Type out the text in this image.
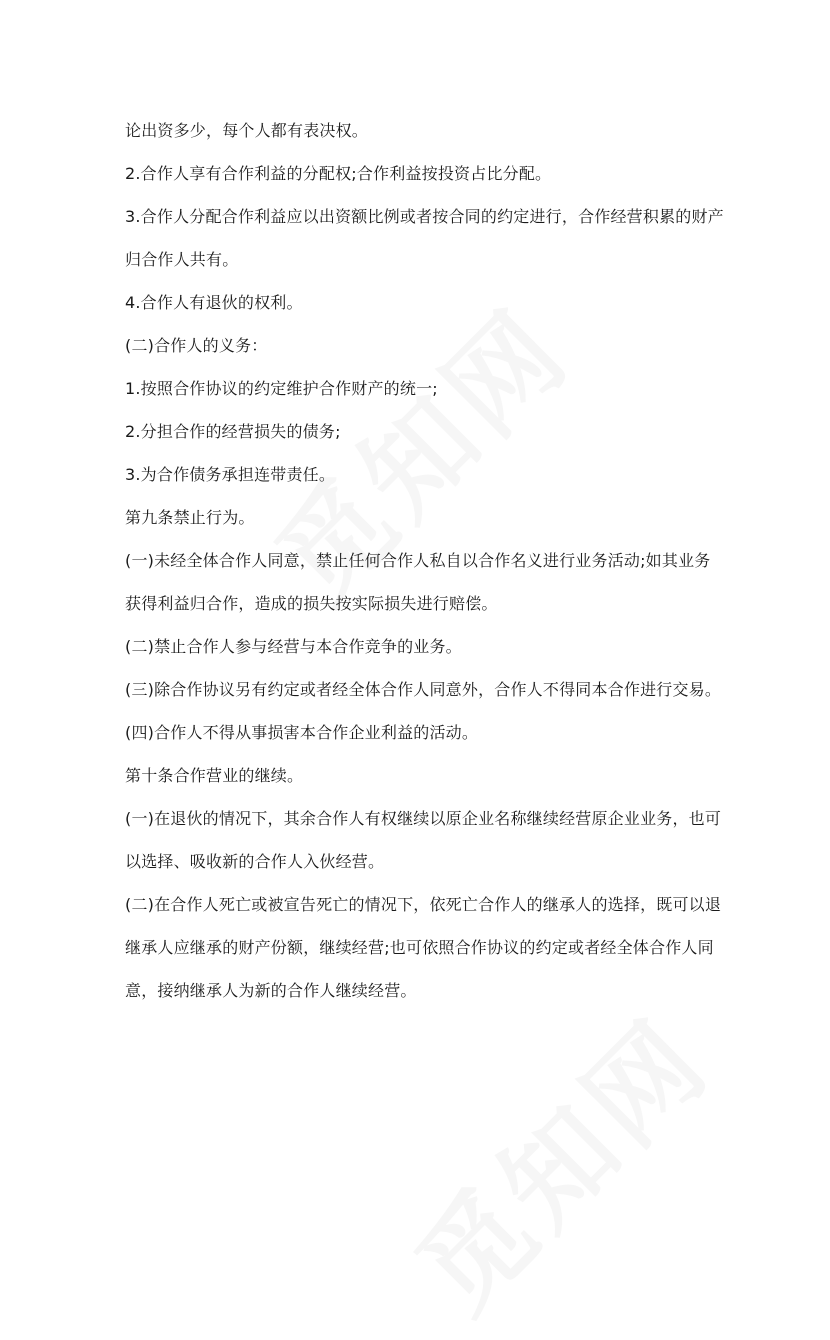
论出资多少，每个人都有表决权。

2.合作人享有合作利益的分配权;合作利益按投资占比分配。

3.合作人分配合作利益应以出资额比例或者按合同的约定进行，合作经营积累的财产归合作人共有。

4.合作人有退伙的权利。

(二)合作人的义务：

1.按照合作协议的约定维护合作财产的统一;

2.分担合作的经营损失的债务;

3.为合作债务承担连带责任。

第九条禁止行为。

(一)未经全体合作人同意，禁止任何合作人私自以合作名义进行业务活动;如其业务获得利益归合作，造成的损失按实际损失进行赔偿。

(二)禁止合作人参与经营与本合作竞争的业务。

(三)除合作协议另有约定或者经全体合作人同意外，合作人不得同本合作进行交易。

(四)合作人不得从事损害本合作企业利益的活动。

第十条合作营业的继续。

(一)在退伙的情况下，其余合作人有权继续以原企业名称继续经营原企业业务，也可以选择、吸收新的合作人入伙经营。

(二)在合作人死亡或被宣告死亡的情况下，依死亡合作人的继承人的选择，既可以退继承人应继承的财产份额，继续经营;也可依照合作协议的约定或者经全体合作人同意，接纳继承人为新的合作人继续经营。
